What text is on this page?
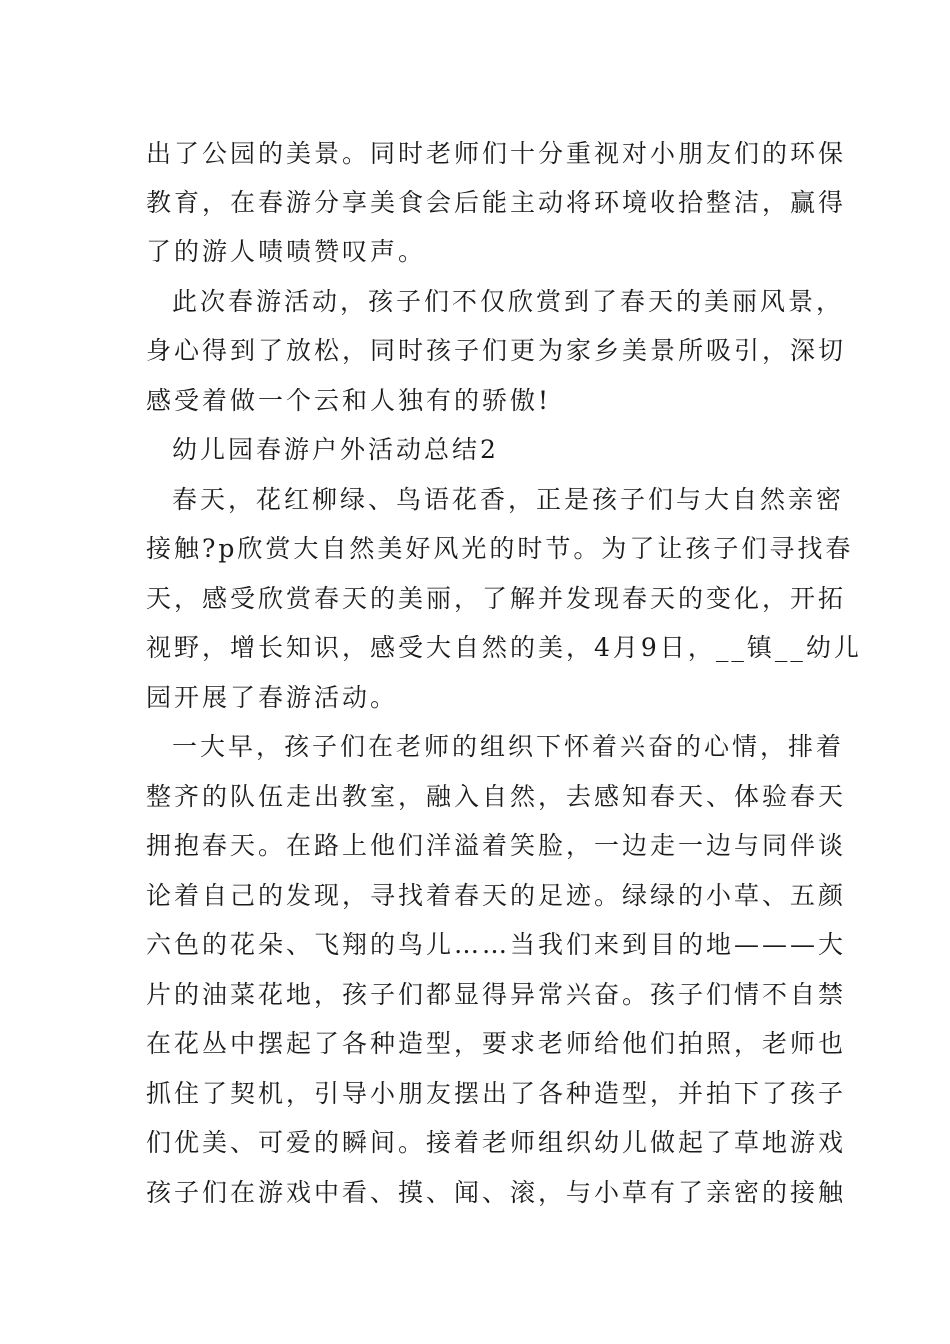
出了公园的美景。同时老师们十分重视对小朋友们的环保

教育，在春游分享美食会后能主动将环境收拾整洁，赢得

了的游人啧啧赞叹声。

此次春游活动，孩子们不仅欣赏到了春天的美丽风景，

身心得到了放松，同时孩子们更为家乡美景所吸引，深切

感受着做一个云和人独有的骄傲!

幼儿园春游户外活动总结2

春天，花红柳绿、鸟语花香，正是孩子们与大自然亲密

接触?p欣赏大自然美好风光的时节。为了让孩子们寻找春

天，感受欣赏春天的美丽，了解并发现春天的变化，开拓

视野，增长知识，感受大自然的美，4月9日，__镇__幼儿

园开展了春游活动。

一大早，孩子们在老师的组织下怀着兴奋的心情，排着

整齐的队伍走出教室，融入自然，去感知春天、体验春天

拥抱春天。在路上他们洋溢着笑脸，一边走一边与同伴谈

论着自己的发现，寻找着春天的足迹。绿绿的小草、五颜

六色的花朵、飞翔的鸟儿……当我们来到目的地———大

片的油菜花地，孩子们都显得异常兴奋。孩子们情不自禁

在花丛中摆起了各种造型，要求老师给他们拍照，老师也

抓住了契机，引导小朋友摆出了各种造型，并拍下了孩子

们优美、可爱的瞬间。接着老师组织幼儿做起了草地游戏

孩子们在游戏中看、摸、闻、滚，与小草有了亲密的接触
